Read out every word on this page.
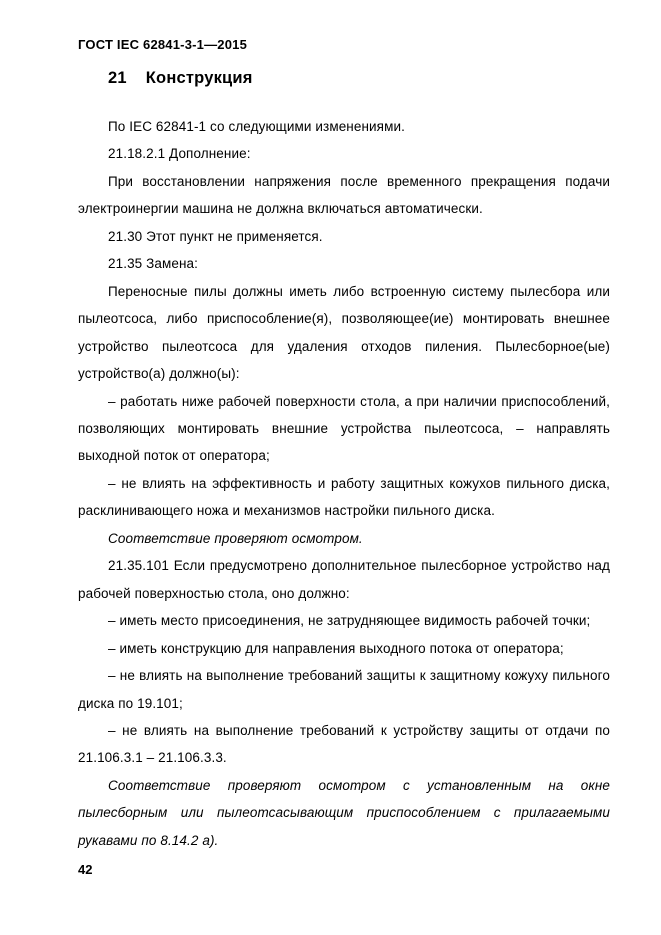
ГОСТ IEC 62841-3-1—2015
21 Конструкция

По IEC 62841-1 со следующими изменениями.

21.18.2.1 Дополнение:

При восстановлении напряжения после временного прекращения подачи электроинергии машина не должна включаться автоматически.

21.30 Этот пункт не применяется.

21.35 Замена:

Переносные пилы должны иметь либо встроенную систему пылесбора или пылеотсоса, либо приспособление(я), позволяющее(ие) монтировать внешнее устройство пылеотсоса для удаления отходов пиления. Пылесборное(ые) устройство(а) должно(ы):

– работать ниже рабочей поверхности стола, а при наличии приспособлений, позволяющих монтировать внешние устройства пылеотсоса, – направлять выходной поток от оператора;

– не влиять на эффективность и работу защитных кожухов пильного диска, расклинивающего ножа и механизмов настройки пильного диска.

Соответствие проверяют осмотром.

21.35.101 Если предусмотрено дополнительное пылесборное устройство над рабочей поверхностью стола, оно должно:

– иметь место присоединения, не затрудняющее видимость рабочей точки;

– иметь конструкцию для направления выходного потока от оператора;

– не влиять на выполнение требований защиты к защитному кожуху пильного диска по 19.101;

– не влиять на выполнение требований к устройству защиты от отдачи по 21.106.3.1 – 21.106.3.3.

Соответствие проверяют осмотром с установленным на окне пылесборным или пылеотсасывающим приспособлением с прилагаемыми рукавами по 8.14.2 а).

42
